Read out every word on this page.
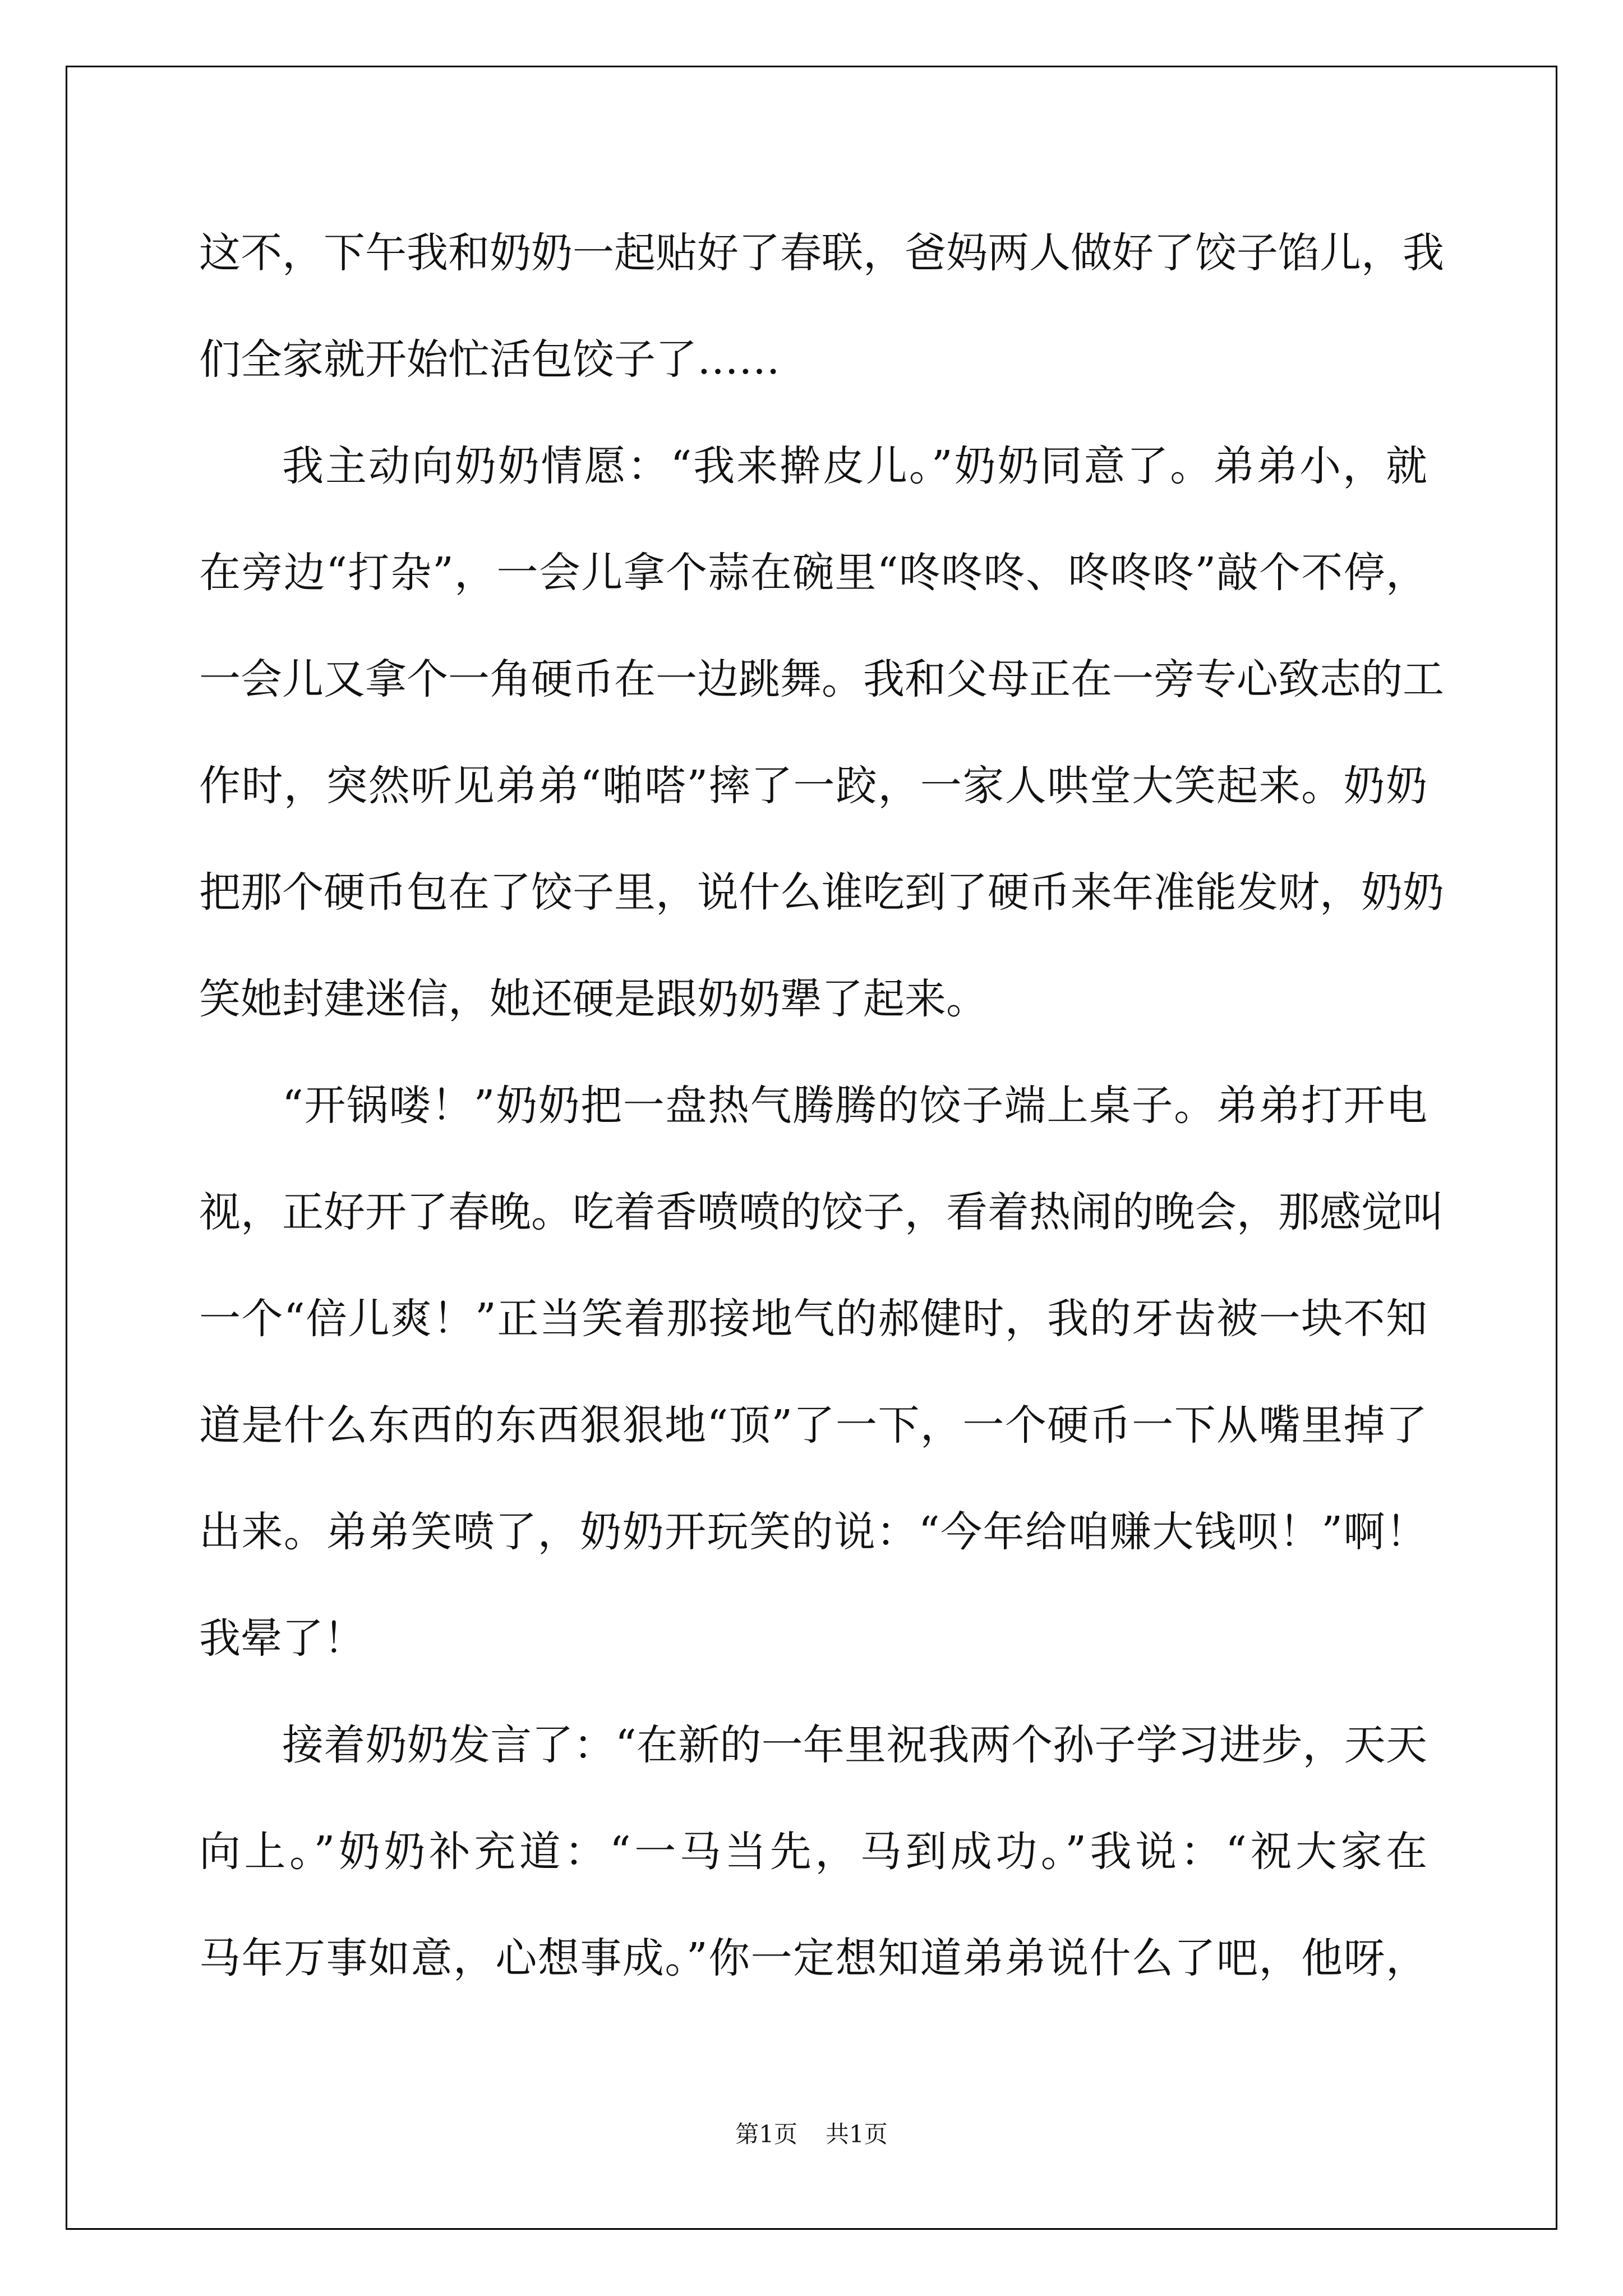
这不，下午我和奶奶一起贴好了春联，爸妈两人做好了饺子馅儿，我
们全家就开始忙活包饺子了……
我主动向奶奶情愿：“我来擀皮儿。”奶奶同意了。弟弟小，就
在旁边“打杂”，一会儿拿个蒜在碗里“咚咚咚、咚咚咚”敲个不停，
一会儿又拿个一角硬币在一边跳舞。我和父母正在一旁专心致志的工
作时，突然听见弟弟“啪嗒”摔了一跤，一家人哄堂大笑起来。奶奶
把那个硬币包在了饺子里，说什么谁吃到了硬币来年准能发财，奶奶
笑她封建迷信，她还硬是跟奶奶犟了起来。
“开锅喽！”奶奶把一盘热气腾腾的饺子端上桌子。弟弟打开电
视，正好开了春晚。吃着香喷喷的饺子，看着热闹的晚会，那感觉叫
一个“倍儿爽！”正当笑着那接地气的郝健时，我的牙齿被一块不知
道是什么东西的东西狠狠地“顶”了一下，一个硬币一下从嘴里掉了
出来。弟弟笑喷了，奶奶开玩笑的说：“今年给咱赚大钱呗！”啊！
我晕了！
接着奶奶发言了：“在新的一年里祝我两个孙子学习进步，天天
向上。”奶奶补充道：“一马当先，马到成功。”我说：“祝大家在
马年万事如意，心想事成。”你一定想知道弟弟说什么了吧，他呀，
第1页 共1页
